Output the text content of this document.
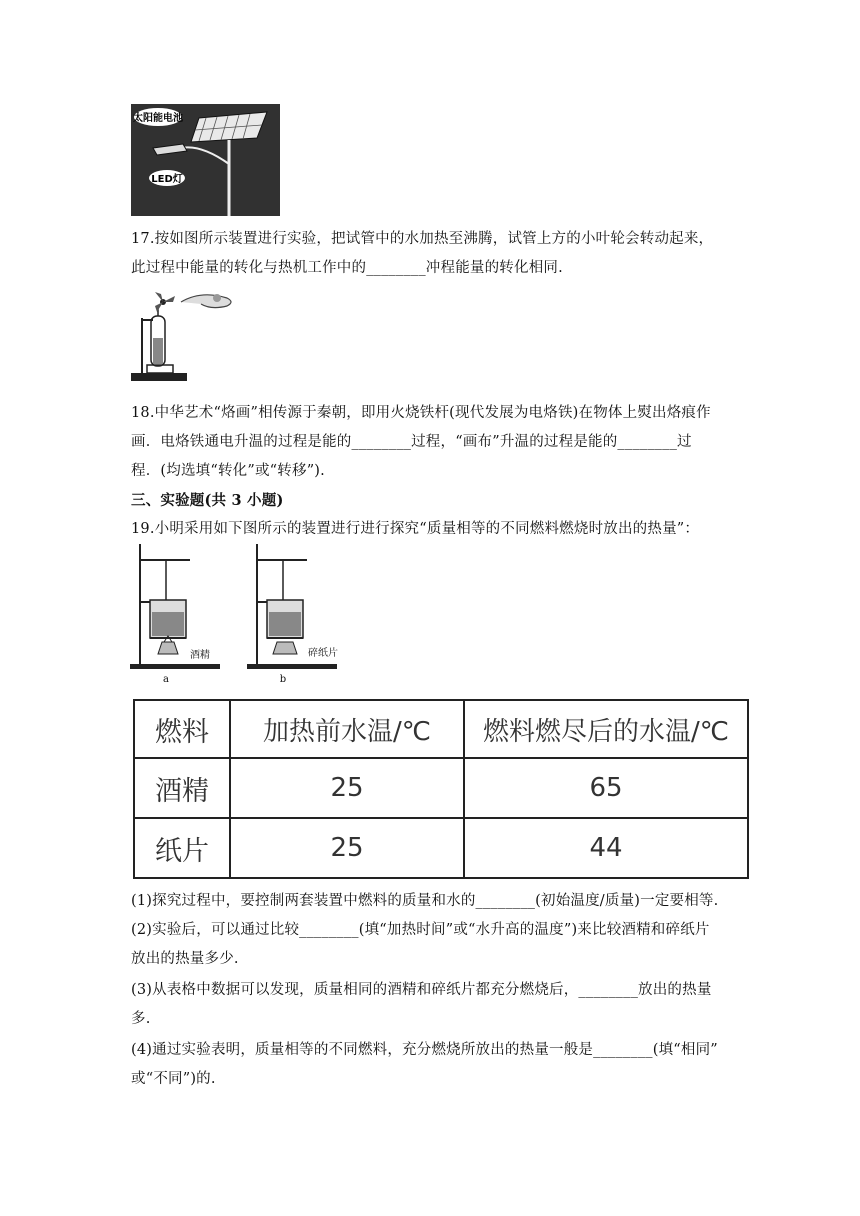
太阳能电池
LED灯
17.按如图所示装置进行实验，把试管中的水加热至沸腾，试管上方的小叶轮会转动起来，
此过程中能量的转化与热机工作中的________冲程能量的转化相同.
18.中华艺术“烙画”相传源于秦朝，即用火烧铁杆(现代发展为电烙铁)在物体上熨出烙痕作
画．电烙铁通电升温的过程是能的________过程，“画布”升温的过程是能的________过
程．(均选填“转化”或“转移”).
三、实验题(共 3 小题)
19.小明采用如下图所示的装置进行进行探究“质量相等的不同燃料燃烧时放出的热量”：
酒精
a
碎纸片
b
燃料	加热前水温/℃	燃料燃尽后的水温/℃
酒精	25	65
纸片	25	44
(1)探究过程中，要控制两套装置中燃料的质量和水的________(初始温度/质量)一定要相等.
(2)实验后，可以通过比较________(填“加热时间”或“水升高的温度”)来比较酒精和碎纸片
放出的热量多少.
(3)从表格中数据可以发现，质量相同的酒精和碎纸片都充分燃烧后，________放出的热量
多.
(4)通过实验表明，质量相等的不同燃料，充分燃烧所放出的热量一般是________(填“相同”
或“不同”)的.
